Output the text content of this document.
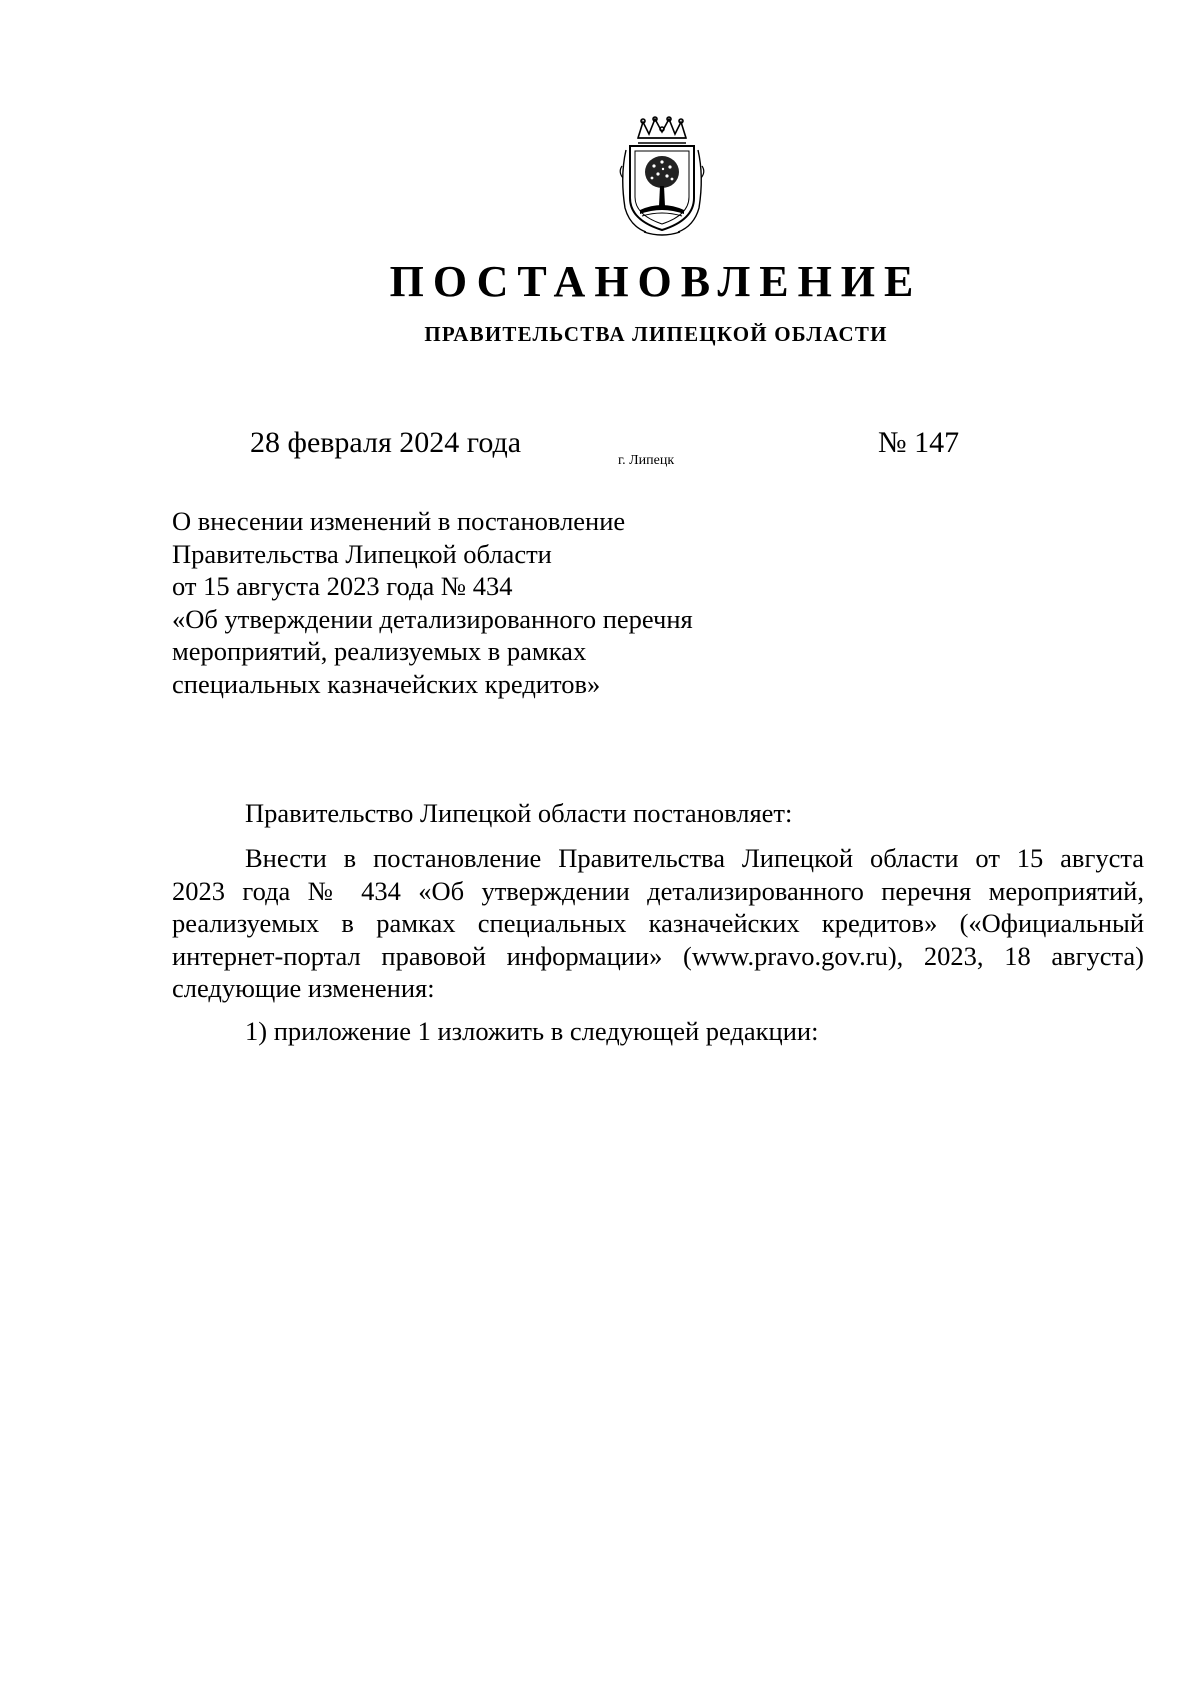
ПОСТАНОВЛЕНИЕ
ПРАВИТЕЛЬСТВА ЛИПЕЦКОЙ ОБЛАСТИ
28 февраля 2024 года
г. Липецк
№ 147
О внесении изменений в постановление
Правительства Липецкой области
от 15 августа 2023 года № 434
«Об утверждении детализированного перечня
мероприятий, реализуемых в рамках
специальных казначейских кредитов»
Правительство Липецкой области постановляет:
Внести в постановление Правительства Липецкой области от 15 августа
2023 года № 434 «Об утверждении детализированного перечня мероприятий,
реализуемых в рамках специальных казначейских кредитов» («Официальный
интернет-портал правовой информации» (www.pravo.gov.ru), 2023, 18 августа)
следующие изменения:
1) приложение 1 изложить в следующей редакции:
